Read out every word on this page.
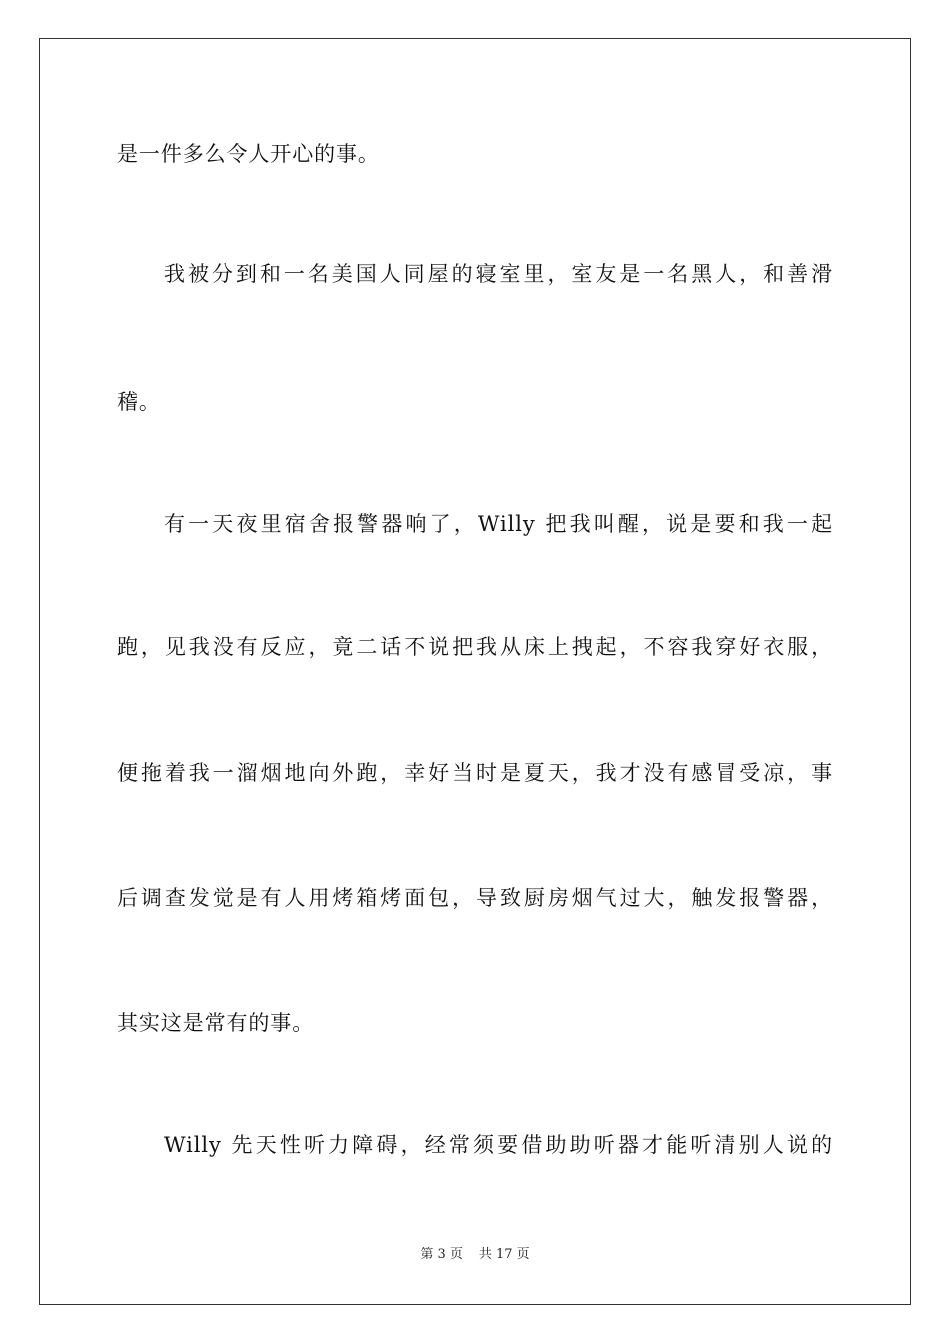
是一件多么令人开心的事。
我被分到和一名美国人同屋的寝室里，室友是一名黑人，和善滑
稽。
有一天夜里宿舍报警器响了，Willy 把我叫醒，说是要和我一起
跑，见我没有反应，竟二话不说把我从床上拽起，不容我穿好衣服，
便拖着我一溜烟地向外跑，幸好当时是夏天，我才没有感冒受凉，事
后调查发觉是有人用烤箱烤面包，导致厨房烟气过大，触发报警器，
其实这是常有的事。
Willy 先天性听力障碍，经常须要借助助听器才能听清别人说的
第 3 页 共 17 页
